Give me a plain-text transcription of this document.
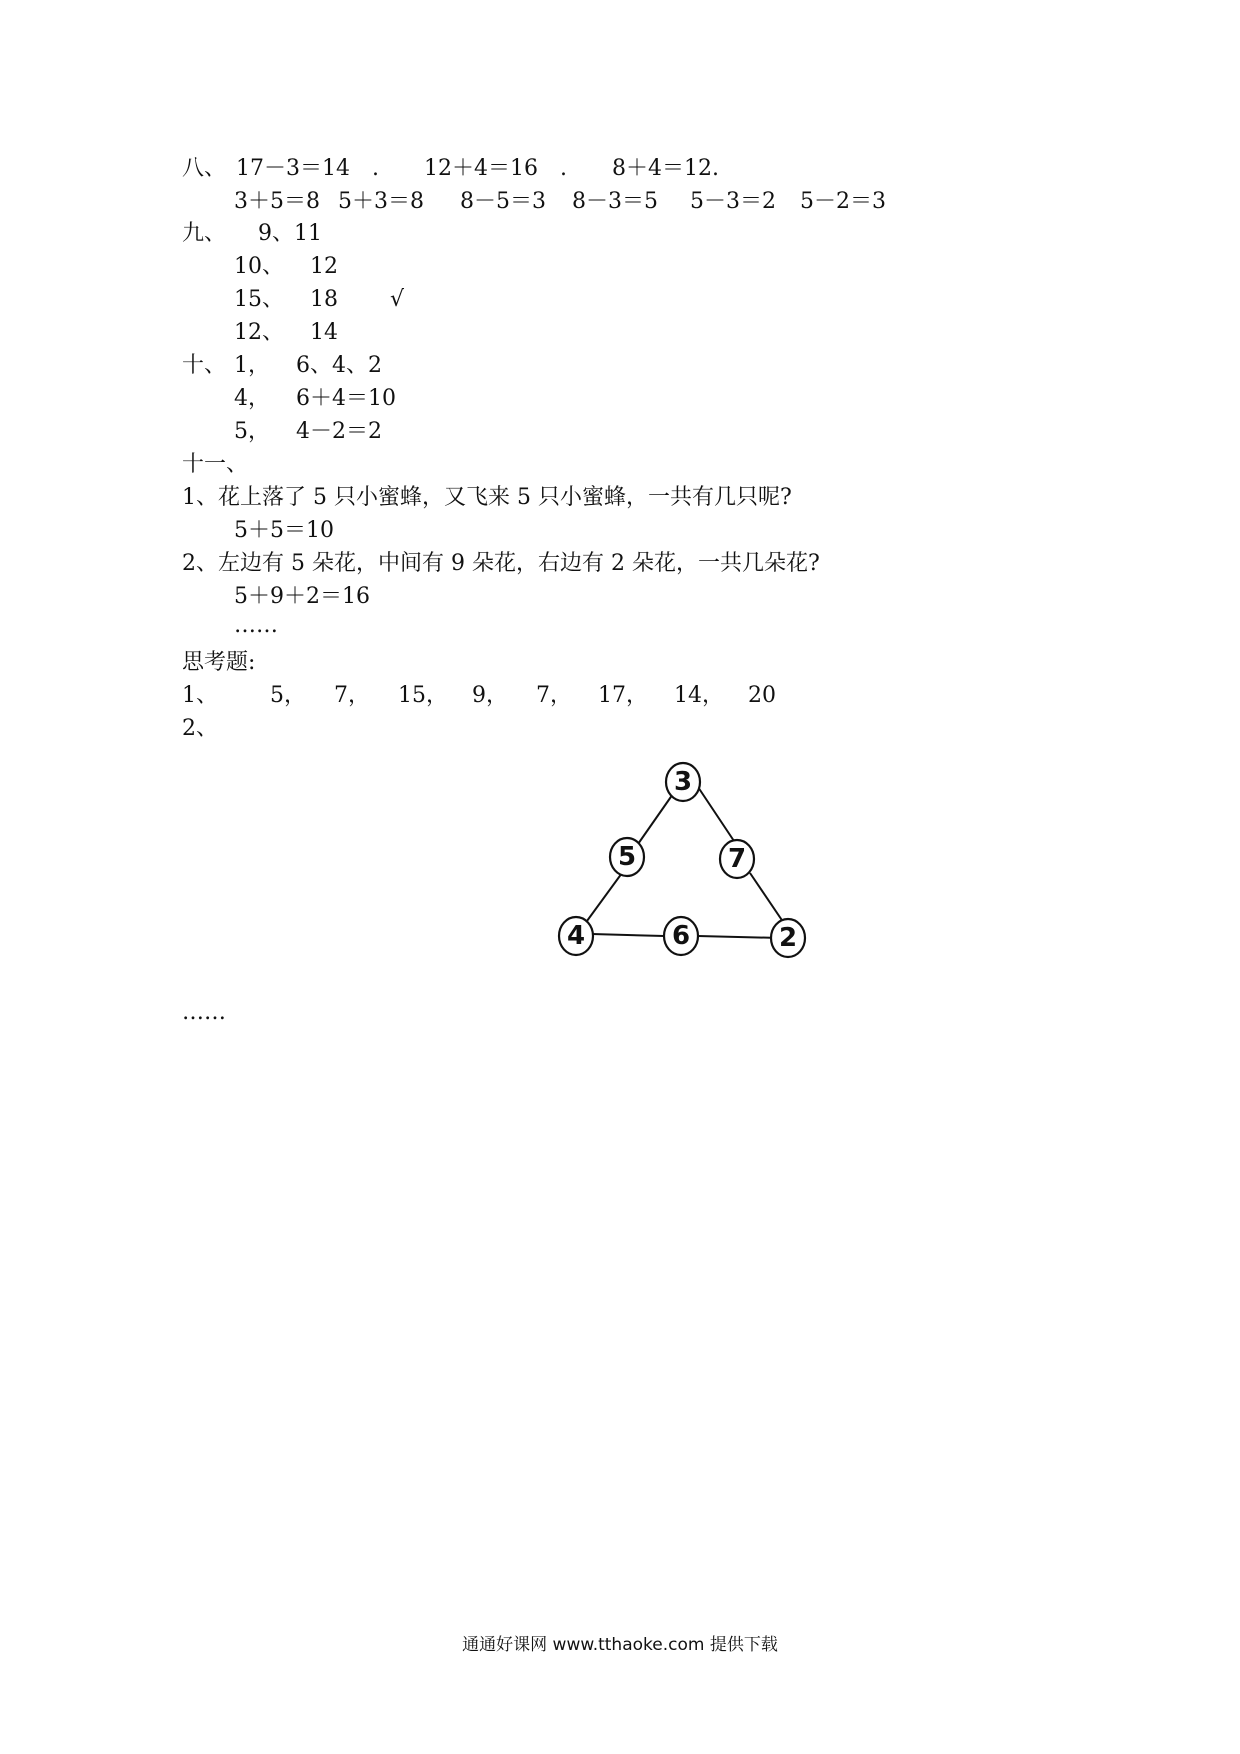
八、 17－3＝14 . 12＋4＝16 . 8＋4＝12.
3＋5＝8 5＋3＝8 8－5＝3 8－3＝5 5－3＝2 5－2＝3
九、 9、 11
10、 12
15、 18 √
12、 14
十、 1， 6、4、2
4， 6＋4＝10
5， 4－2＝2
十一、
1、花上落了 5 只小蜜蜂，又飞来 5 只小蜜蜂，一共有几只呢?
5＋5＝10
2、左边有 5 朵花，中间有 9 朵花，右边有 2 朵花，一共几朵花?
5＋9＋2＝16
……
思考题:
1、 5， 7， 15， 9， 7， 17， 14， 20
2、
3
5	7
4	6	2
……
通通好课网 www.tthaoke.com 提供下载
